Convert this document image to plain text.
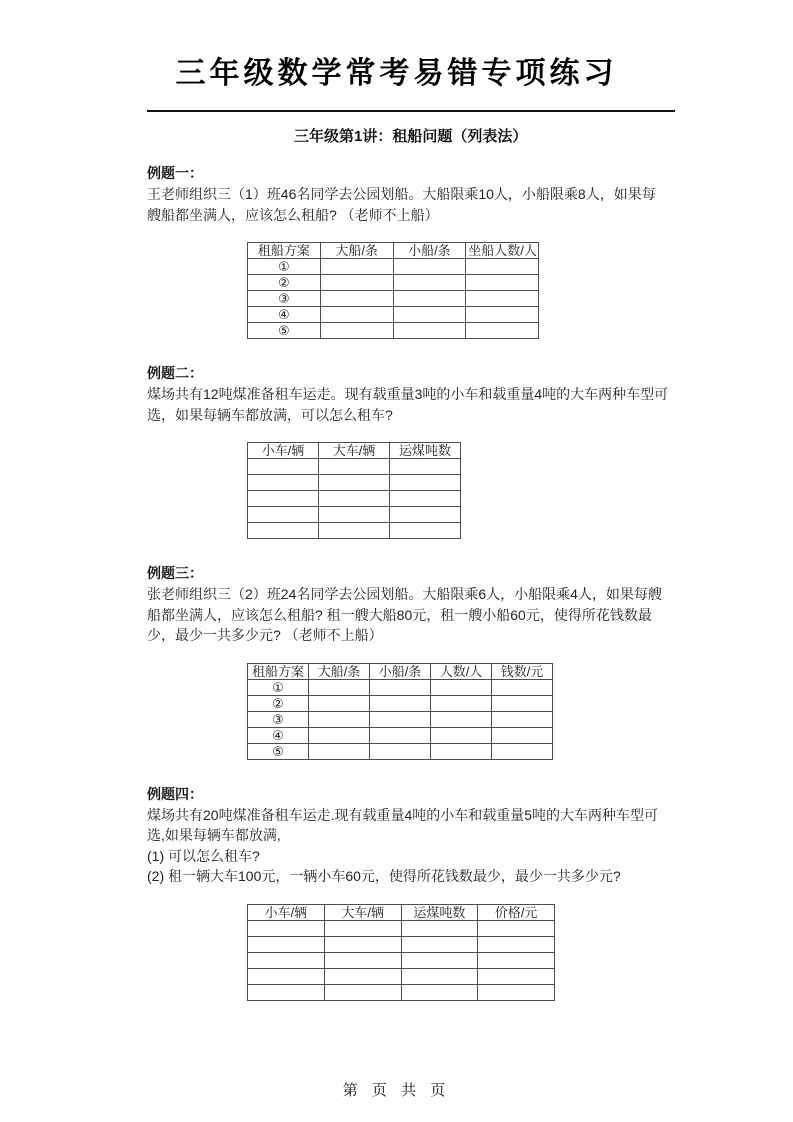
三年级数学常考易错专项练习
三年级第1讲：租船问题（列表法）
例题一：
王老师组织三（1）班46名同学去公园划船。大船限乘10人，小船限乘8人，如果每艘船都坐满人，应该怎么租船? （老师不上船）
租船方案	大船/条	小船/条	坐船人数/人
①			
②			
③			
④			
⑤			
例题二：
煤场共有12吨煤准备租车运走。现有载重量3吨的小车和载重量4吨的大车两种车型可选，如果每辆车都放满，可以怎么租车?
小车/辆	大车/辆	运煤吨数

例题三：
张老师组织三（2）班24名同学去公园划船。大船限乘6人，小船限乘4人，如果每艘船都坐满人，应该怎么租船? 租一艘大船80元，租一艘小船60元，使得所花钱数最少，最少一共多少元? （老师不上船）
租船方案	大船/条	小船/条	人数/人	钱数/元
①				
②				
③				
④				
⑤				
例题四：
煤场共有20吨煤准备租车运走.现有载重量4吨的小车和载重量5吨的大车两种车型可选,如果每辆车都放满,
(1) 可以怎么租车?
(2) 租一辆大车100元，一辆小车60元，使得所花钱数最少，最少一共多少元?
小车/辆	大车/辆	运煤吨数	价格/元

第 页 共 页
